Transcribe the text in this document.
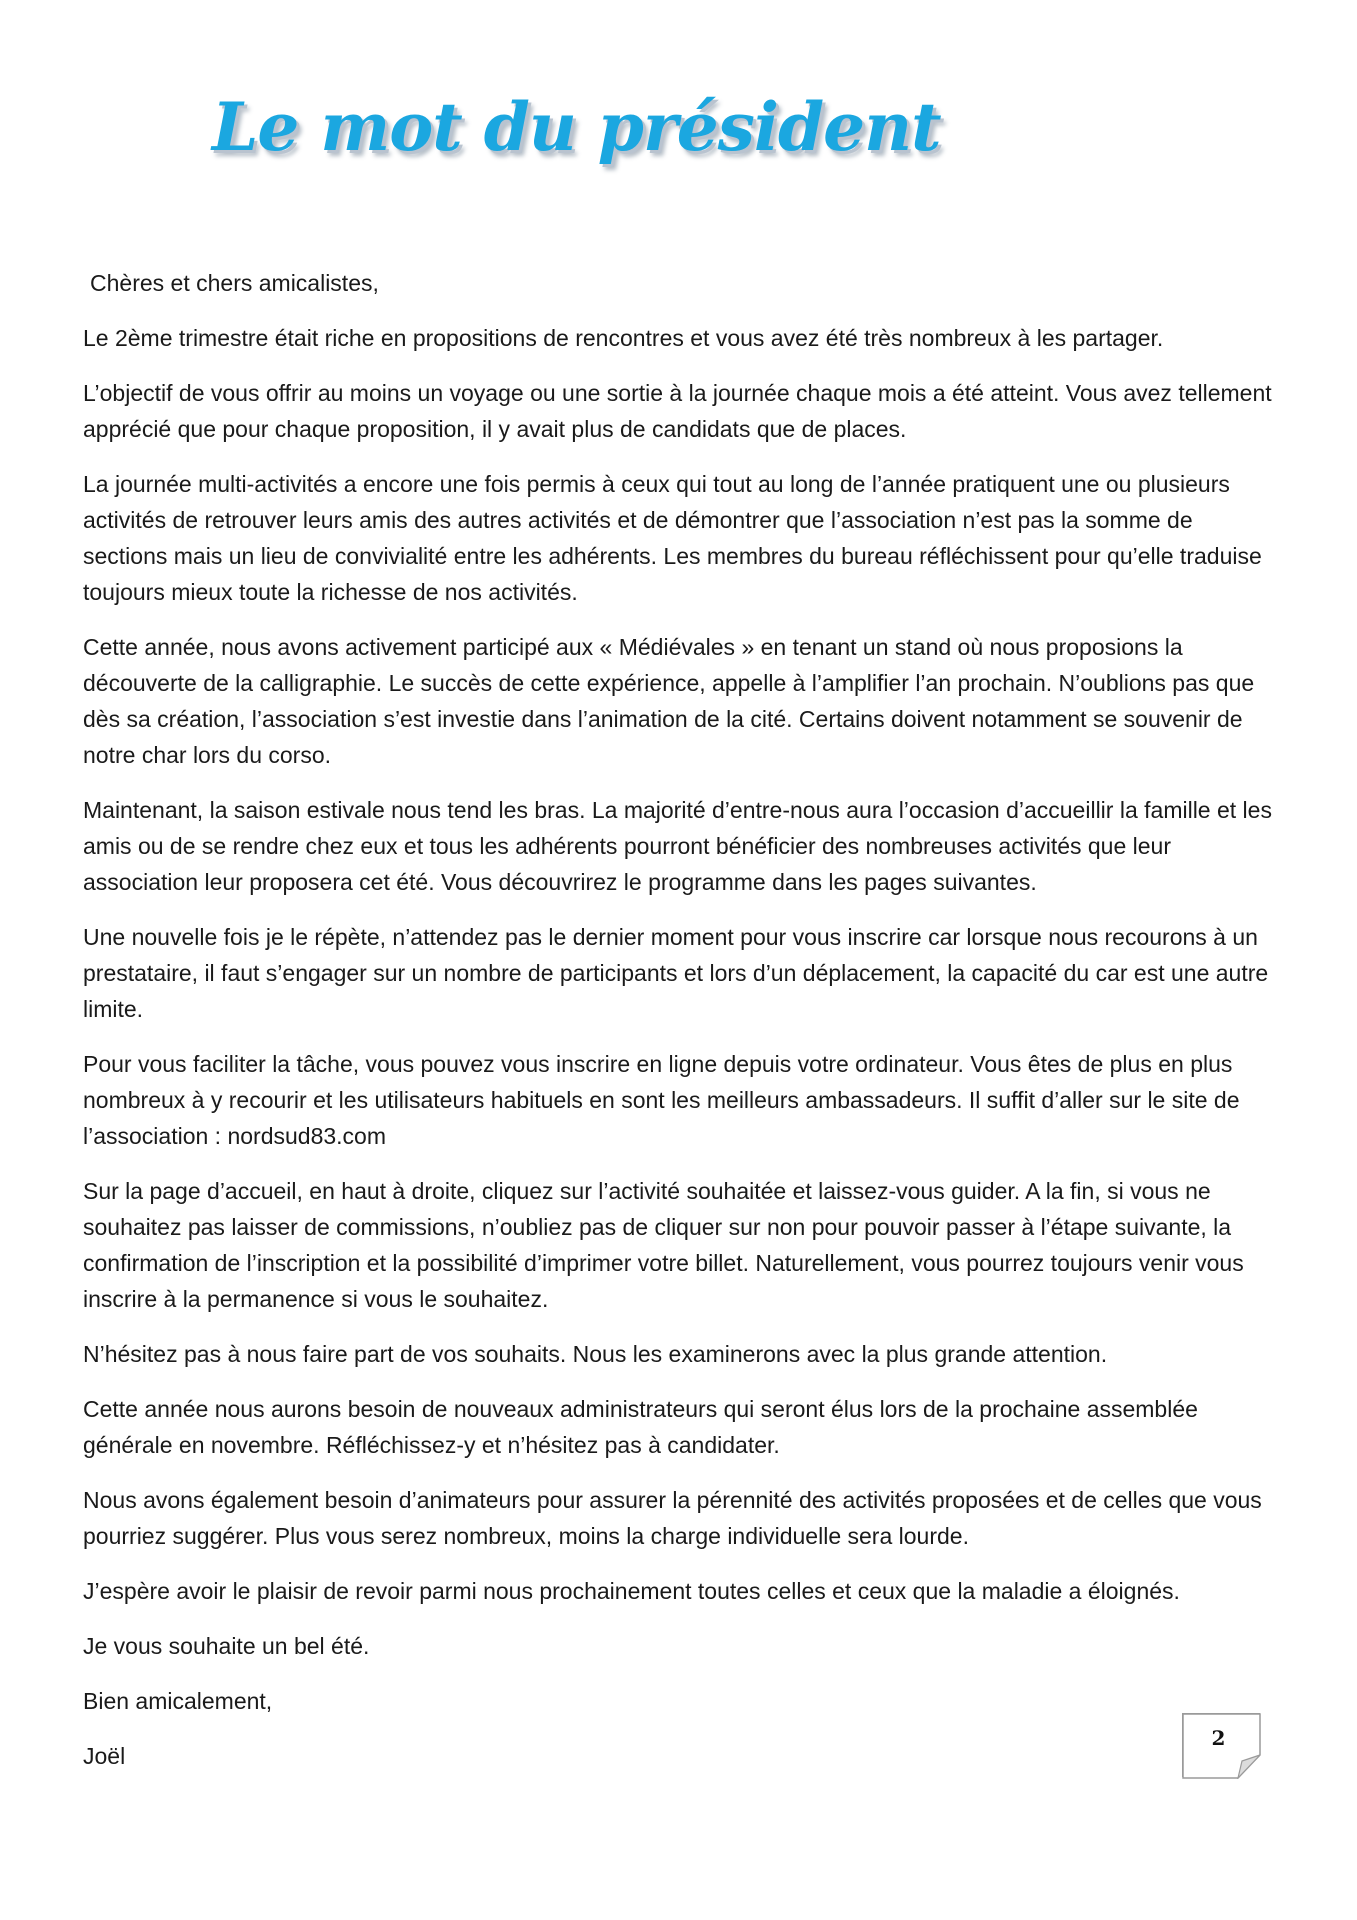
Le mot du président

Chères et chers amicalistes,

Le 2ème trimestre était riche en propositions de rencontres et vous avez été très nombreux à les partager.

L’objectif de vous offrir au moins un voyage ou une sortie à la journée chaque mois a été atteint. Vous avez tellement apprécié que pour chaque proposition, il y avait plus de candidats que de places.

La journée multi-activités a encore une fois permis à ceux qui tout au long de l’année pratiquent une ou plusieurs activités de retrouver leurs amis des autres activités et de démontrer que l’association n’est pas la somme de sections mais un lieu de convivialité entre les adhérents. Les membres du bureau réfléchissent pour qu’elle traduise toujours mieux toute la richesse de nos activités.

Cette année, nous avons activement participé aux « Médiévales » en tenant un stand où nous proposions la découverte de la calligraphie. Le succès de cette expérience, appelle à l’amplifier l’an prochain. N’oublions pas que dès sa création, l’association s’est investie dans l’animation de la cité. Certains doivent notamment se souvenir de notre char lors du corso.

Maintenant, la saison estivale nous tend les bras. La majorité d’entre-nous aura l’occasion d’accueillir la famille et les amis ou de se rendre chez eux et tous les adhérents pourront bénéficier des nombreuses activités que leur association leur proposera cet été. Vous découvrirez le programme dans les pages suivantes.

Une nouvelle fois je le répète, n’attendez pas le dernier moment pour vous inscrire car lorsque nous recourons à un prestataire, il faut s’engager sur un nombre de participants et lors d’un déplacement, la capacité du car est une autre limite.

Pour vous faciliter la tâche, vous pouvez vous inscrire en ligne depuis votre ordinateur. Vous êtes de plus en plus nombreux à y recourir et les utilisateurs habituels en sont les meilleurs ambassadeurs. Il suffit d’aller sur le site de l’association : nordsud83.com

Sur la page d’accueil, en haut à droite, cliquez sur l’activité souhaitée et laissez-vous guider. A la fin, si vous ne souhaitez pas laisser de commissions, n’oubliez pas de cliquer sur non pour pouvoir passer à l’étape suivante, la confirmation de l’inscription et la possibilité d’imprimer votre billet. Naturellement, vous pourrez toujours venir vous inscrire à la permanence si vous le souhaitez.

N’hésitez pas à nous faire part de vos souhaits. Nous les examinerons avec la plus grande attention.

Cette année nous aurons besoin de nouveaux administrateurs qui seront élus lors de la prochaine assemblée générale en novembre. Réfléchissez-y et n’hésitez pas à candidater.

Nous avons également besoin d’animateurs pour assurer la pérennité des activités proposées et de celles que vous pourriez suggérer. Plus vous serez nombreux, moins la charge individuelle sera lourde.

J’espère avoir le plaisir de revoir parmi nous prochainement toutes celles et ceux que la maladie a éloignés.

Je vous souhaite un bel été.

Bien amicalement,

Joël

2
